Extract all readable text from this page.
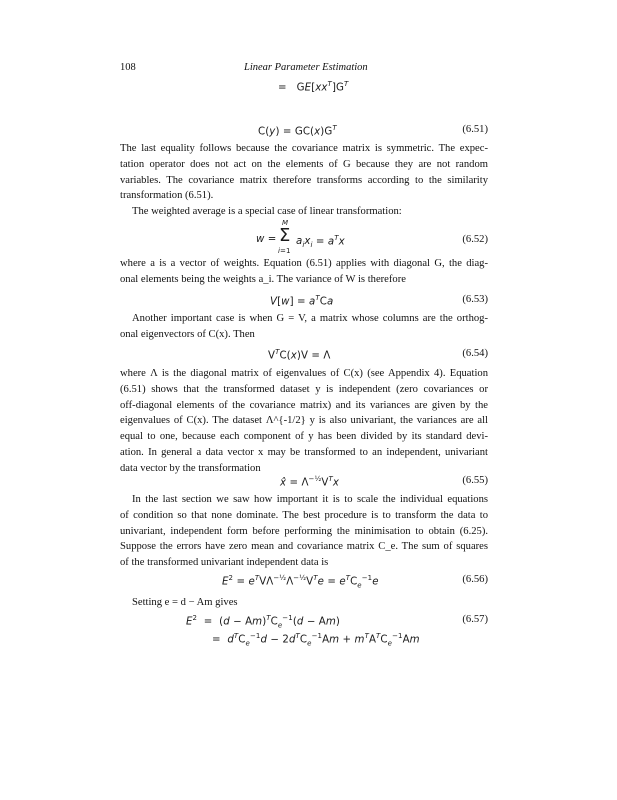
108	Linear Parameter Estimation
=   $GE[xx^T]G^T$
$C(y) = GC(x)G^T$	(6.51)
The last equality follows because the covariance matrix is symmetric. The expec-
tation operator does not act on the elements of G because they are not random
variables. The covariance matrix therefore transforms according to the similarity
transformation (6.51).
The weighted average is a special case of linear transformation:
w =
M
Σ
i=1
$a_ix_i = a^Tx$	(6.52)
where a is a vector of weights. Equation (6.51) applies with diagonal G, the diag-
onal elements being the weights a_i. The variance of W is therefore
$V[w] = a^TCa$	(6.53)
Another important case is when G = V, a matrix whose columns are the orthog-
onal eigenvectors of C(x). Then
$V^TC(x)V = \Lambda$	(6.54)
where Λ is the diagonal matrix of eigenvalues of C(x) (see Appendix 4). Equation
(6.51) shows that the transformed dataset y is independent (zero covariances or
off-diagonal elements of the covariance matrix) and its variances are given by the
eigenvalues of C(x). The dataset Λ^{-1/2} y is also univariant, the variances are all
equal to one, because each component of y has been divided by its standard devi-
ation. In general a data vector x may be transformed to an independent, univariant
data vector by the transformation
x̂ = $\Lambda^{-\frac{1}{2}}V^Tx$	(6.55)
In the last section we saw how important it is to scale the individual equations
of condition so that none dominate. The best procedure is to transform the data to
univariant, independent form before performing the minimisation to obtain (6.25).
Suppose the errors have zero mean and covariance matrix C_e. The sum of squares
of the transformed univariant independent data is
$E^2 = e^TV\Lambda^{-\frac{1}{2}}\Lambda^{-\frac{1}{2}}V^Te = e^TC_e^{-1}e$	(6.56)
Setting e = d − Am gives
$E^2 = (d - Am)^TC_e^{-1}(d - Am)$	(6.57)
=  $d^TC_e^{-1}d - 2d^TC_e^{-1}Am + m^TA^TC_e^{-1}Am$
